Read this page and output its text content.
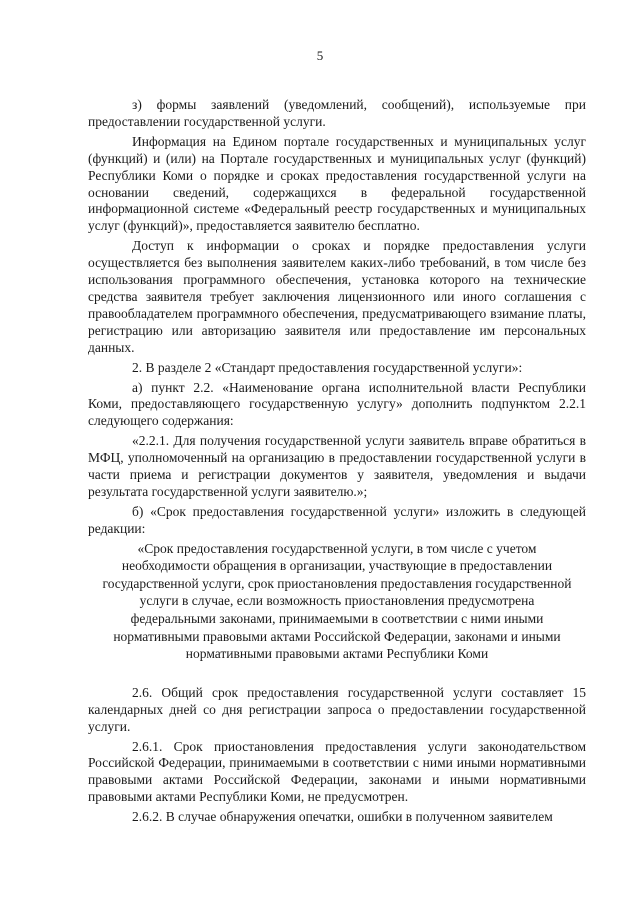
5

з) формы заявлений (уведомлений, сообщений), используемые при предоставлении государственной услуги.

Информация на Едином портале государственных и муниципальных услуг (функций) и (или) на Портале государственных и муниципальных услуг (функций) Республики Коми о порядке и сроках предоставления государственной услуги на основании сведений, содержащихся в федеральной государственной информационной системе «Федеральный реестр государственных и муниципальных услуг (функций)», предоставляется заявителю бесплатно.

Доступ к информации о сроках и порядке предоставления услуги осуществляется без выполнения заявителем каких-либо требований, в том числе без использования программного обеспечения, установка которого на технические средства заявителя требует заключения лицензионного или иного соглашения с правообладателем программного обеспечения, предусматривающего взимание платы, регистрацию или авторизацию заявителя или предоставление им персональных данных.

2. В разделе 2 «Стандарт предоставления государственной услуги»:

а) пункт 2.2. «Наименование органа исполнительной власти Республики Коми, предоставляющего государственную услугу» дополнить подпунктом 2.2.1 следующего содержания:

«2.2.1. Для получения государственной услуги заявитель вправе обратиться в МФЦ, уполномоченный на организацию в предоставлении государственной услуги в части приема и регистрации документов у заявителя, уведомления и выдачи результата государственной услуги заявителю.»;

б) «Срок предоставления государственной услуги» изложить в следующей редакции:

«Срок предоставления государственной услуги, в том числе с учетом необходимости обращения в организации, участвующие в предоставлении государственной услуги, срок приостановления предоставления государственной услуги в случае, если возможность приостановления предусмотрена федеральными законами, принимаемыми в соответствии с ними иными нормативными правовыми актами Российской Федерации, законами и иными нормативными правовыми актами Республики Коми

2.6. Общий срок предоставления государственной услуги составляет 15 календарных дней со дня регистрации запроса о предоставлении государственной услуги.

2.6.1. Срок приостановления предоставления услуги законодательством Российской Федерации, принимаемыми в соответствии с ними иными нормативными правовыми актами Российской Федерации, законами и иными нормативными правовыми актами Республики Коми, не предусмотрен.

2.6.2. В случае обнаружения опечатки, ошибки в полученном заявителем
